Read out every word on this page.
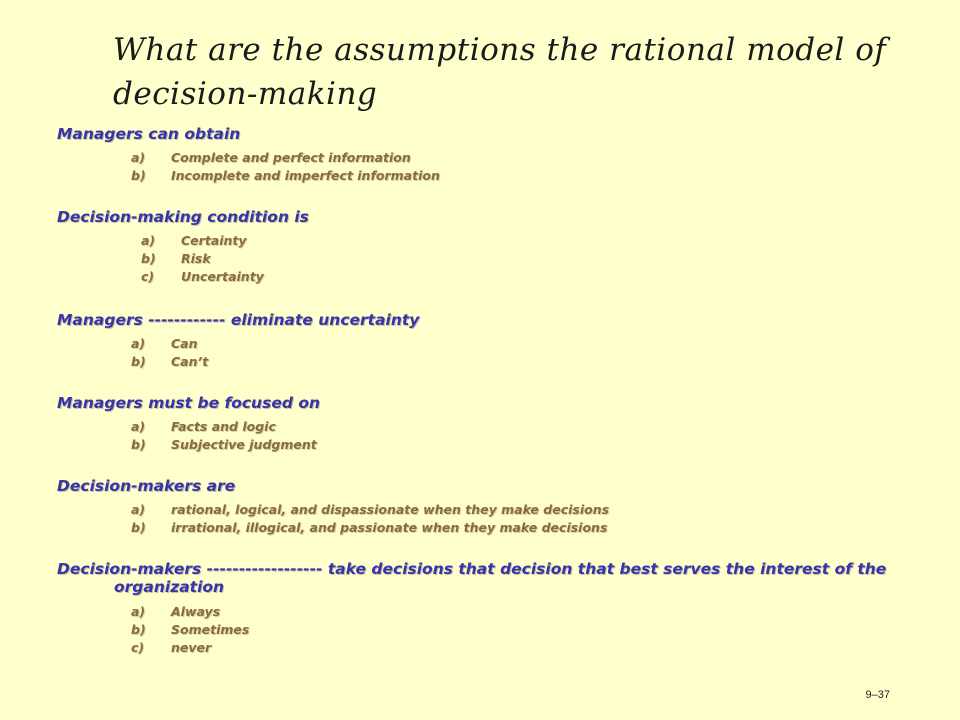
What are the assumptions the rational model of decision-making
Managers can obtain
a) Complete and perfect information
b) Incomplete and imperfect information
Decision-making condition is
a) Certainty
b) Risk
c) Uncertainty
Managers ------------ eliminate uncertainty
a) Can
b) Can’t
Managers must be focused on
a) Facts and logic
b) Subjective judgment
Decision-makers are
a) rational, logical, and dispassionate when they make decisions
b) irrational, illogical, and passionate when they make decisions
Decision-makers ------------------ take decisions that decision that best serves the interest of the
organization
a) Always
b) Sometimes
c) never
9–37
